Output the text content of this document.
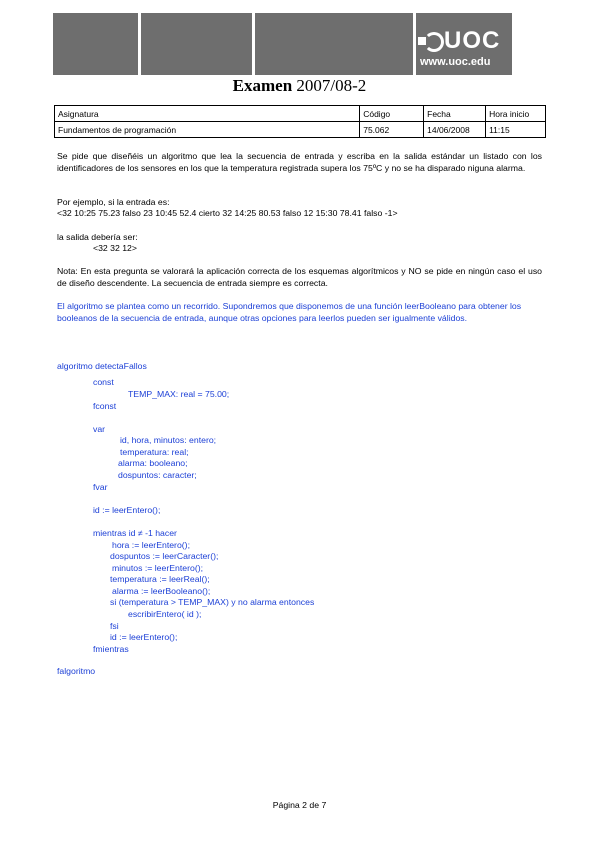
UOC
www.uoc.edu
Examen 2007/08-2
Asignatura	Código	Fecha	Hora inicio
Fundamentos de programación	75.062	14/06/2008	11:15
Se pide que diseñéis un algoritmo que lea la secuencia de entrada y escriba en la salida estándar un listado con los identificadores de los sensores en los que la temperatura registrada supera los 75ºC y no se ha disparado niguna alarma.
Por ejemplo, si la entrada es:
<32 10:25 75.23 falso 23 10:45 52.4 cierto 32 14:25 80.53 falso 12 15:30 78.41 falso -1>
la salida debería ser:
<32 32 12>
Nota: En esta pregunta se valorará la aplicación correcta de los esquemas algorítmicos y NO se pide en ningún caso el uso de diseño descendente. La secuencia de entrada siempre es correcta.
El algoritmo se plantea como un recorrido. Supondremos que disponemos de una función leerBooleano para obtener los booleanos de la secuencia de entrada, aunque otras opciones para leerlos pueden ser igualmente válidos.
algoritmo detectaFallos
const
TEMP_MAX: real = 75.00;
fconst
var
id, hora, minutos: entero;
temperatura: real;
alarma: booleano;
dospuntos: caracter;
fvar
id := leerEntero();
mientras id ≠ -1 hacer
hora := leerEntero();
dospuntos := leerCaracter();
minutos := leerEntero();
temperatura := leerReal();
alarma := leerBooleano();
si (temperatura > TEMP_MAX) y no alarma entonces
escribirEntero( id );
fsi
id := leerEntero();
fmientras
falgoritmo
Página 2 de 7
